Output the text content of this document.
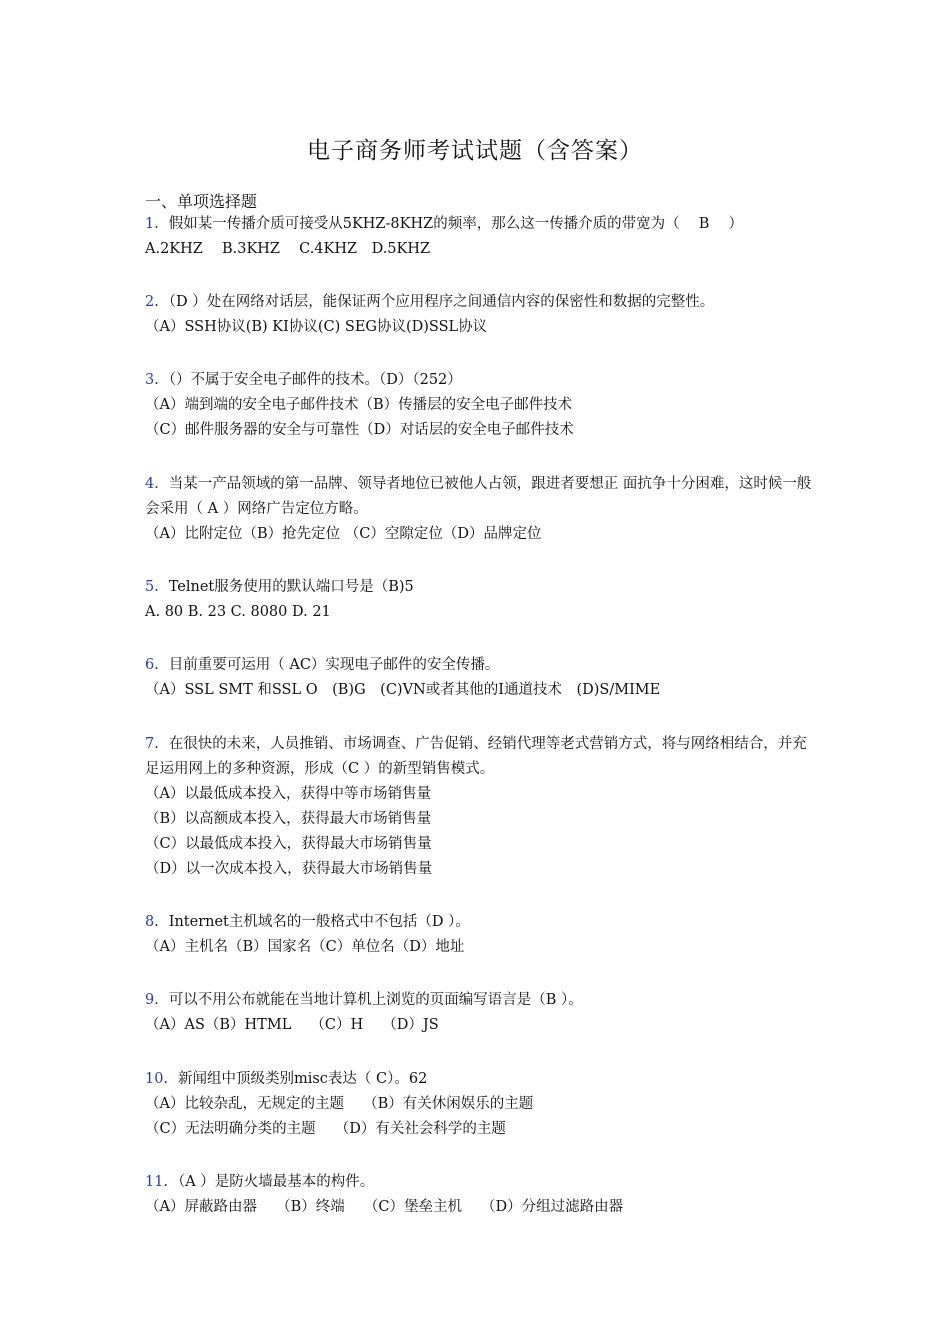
电子商务师考试试题（含答案）
一、单项选择题
1．假如某一传播介质可接受从5KHZ-8KHZ的频率，那么这一传播介质的带宽为（　 B　 ）
A.2KHZ　 B.3KHZ　 C.4KHZ　D.5KHZ
2．（D ）处在网络对话层，能保证两个应用程序之间通信内容的保密性和数据的完整性。
（A）SSH协议(B) KI协议(C) SEG协议(D)SSL协议
3．（）不属于安全电子邮件的技术。（D）（252）
（A）端到端的安全电子邮件技术（B）传播层的安全电子邮件技术
（C）邮件服务器的安全与可靠性（D）对话层的安全电子邮件技术
4．当某一产品领域的第一品牌、领导者地位已被他人占领，跟进者要想正 面抗争十分困难，这时候一般会采用（ A ）网络广告定位方略。
（A）比附定位（B）抢先定位 （C）空隙定位（D）品牌定位
5．Telnet服务使用的默认端口号是（B)5
A. 80 B. 23 C. 8080 D. 21
6．目前重要可运用（ AC）实现电子邮件的安全传播。
（A）SSL SMT 和SSL O　(B)G　(C)VN或者其他的I通道技术　(D)S/MIME
7．在很快的未来，人员推销、市场调查、广告促销、经销代理等老式营销方式，将与网络相结合，并充足运用网上的多种资源，形成（C ）的新型销售模式。
（A）以最低成本投入，获得中等市场销售量
（B）以高额成本投入，获得最大市场销售量
（C）以最低成本投入，获得最大市场销售量
（D）以一次成本投入，获得最大市场销售量
8．Internet主机域名的一般格式中不包括（D ）。
（A）主机名（B）国家名（C）单位名（D）地址
9．可以不用公布就能在当地计算机上浏览的页面编写语言是（B ）。
（A）AS（B）HTML　 （C）H　 （D）JS
10．新闻组中顶级类别misc表达（ C）。62
（A）比较杂乱，无规定的主题　 （B）有关休闲娱乐的主题
（C）无法明确分类的主题　 （D）有关社会科学的主题
11．（A ）是防火墙最基本的构件。
（A）屏蔽路由器　 （B）终端　 （C）堡垒主机　 （D）分组过滤路由器
